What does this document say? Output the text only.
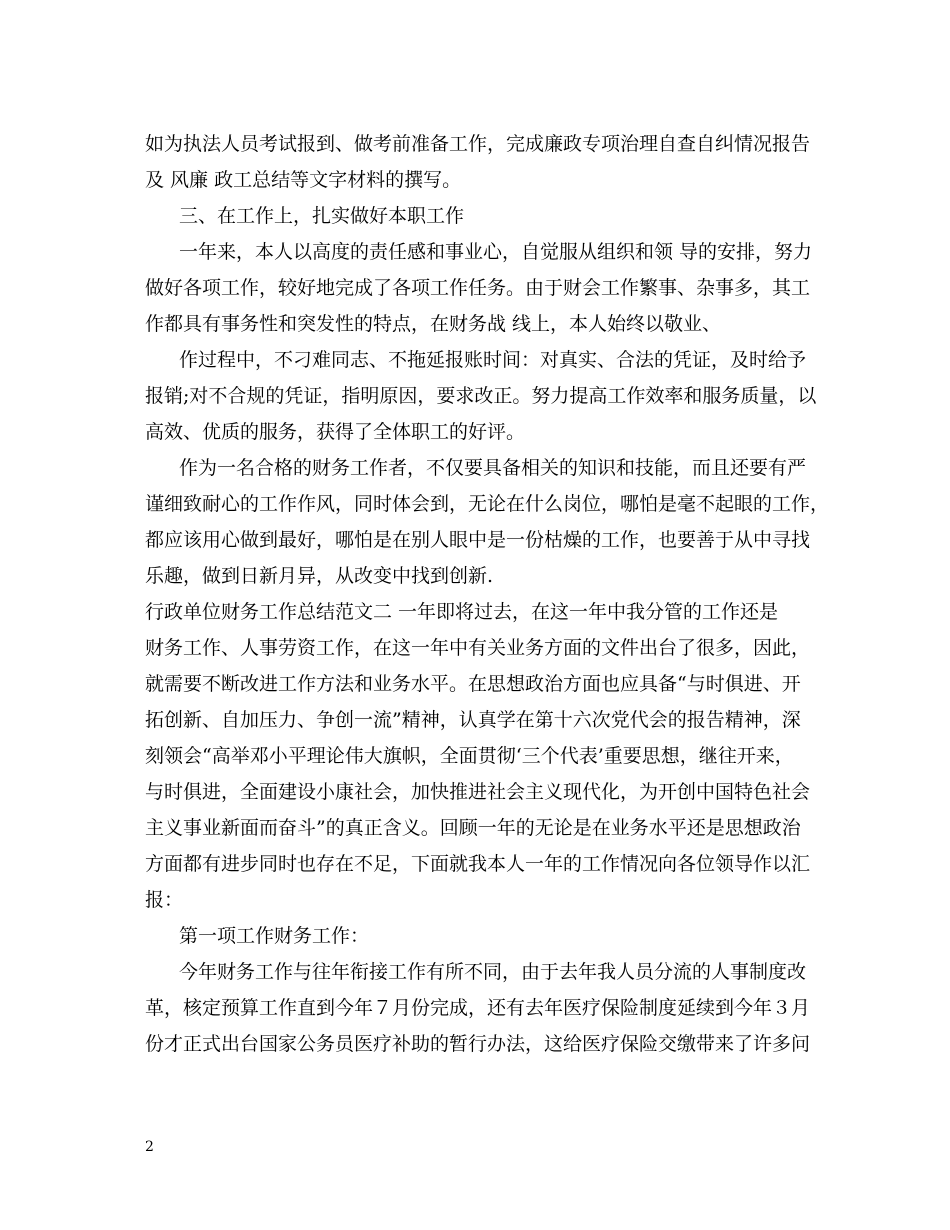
如为执法人员考试报到、做考前准备工作，完成廉政专项治理自查自纠情况报告
及 风廉 政工总结等文字材料的撰写。
三、在工作上，扎实做好本职工作
一年来，本人以高度的责任感和事业心，自觉服从组织和领 导的安排，努力
做好各项工作，较好地完成了各项工作任务。由于财会工作繁事、杂事多，其工
作都具有事务性和突发性的特点，在财务战 线上，本人始终以敬业、
作过程中，不刁难同志、不拖延报账时间：对真实、合法的凭证，及时给予
报销;对不合规的凭证，指明原因，要求改正。努力提高工作效率和服务质量，以
高效、优质的服务，获得了全体职工的好评。
作为一名合格的财务工作者，不仅要具备相关的知识和技能，而且还要有严
谨细致耐心的工作作风，同时体会到，无论在什么岗位，哪怕是毫不起眼的工作，
都应该用心做到最好，哪怕是在别人眼中是一份枯燥的工作，也要善于从中寻找
乐趣，做到日新月异，从改变中找到创新.
行政单位财务工作总结范文二 一年即将过去，在这一年中我分管的工作还是
财务工作、人事劳资工作，在这一年中有关业务方面的文件出台了很多，因此，
就需要不断改进工作方法和业务水平。在思想政治方面也应具备“与时俱进、开
拓创新、自加压力、争创一流”精神，认真学在第十六次党代会的报告精神，深
刻领会“高举邓小平理论伟大旗帜，全面贯彻‘三个代表’重要思想，继往开来，
与时俱进，全面建设小康社会，加快推进社会主义现代化，为开创中国特色社会
主义事业新面而奋斗”的真正含义。回顾一年的无论是在业务水平还是思想政治
方面都有进步同时也存在不足，下面就我本人一年的工作情况向各位领导作以汇
报：
第一项工作财务工作：
今年财务工作与往年衔接工作有所不同，由于去年我人员分流的人事制度改
革，核定预算工作直到今年７月份完成，还有去年医疗保险制度延续到今年３月
份才正式出台国家公务员医疗补助的暂行办法，这给医疗保险交缴带来了许多问
2
